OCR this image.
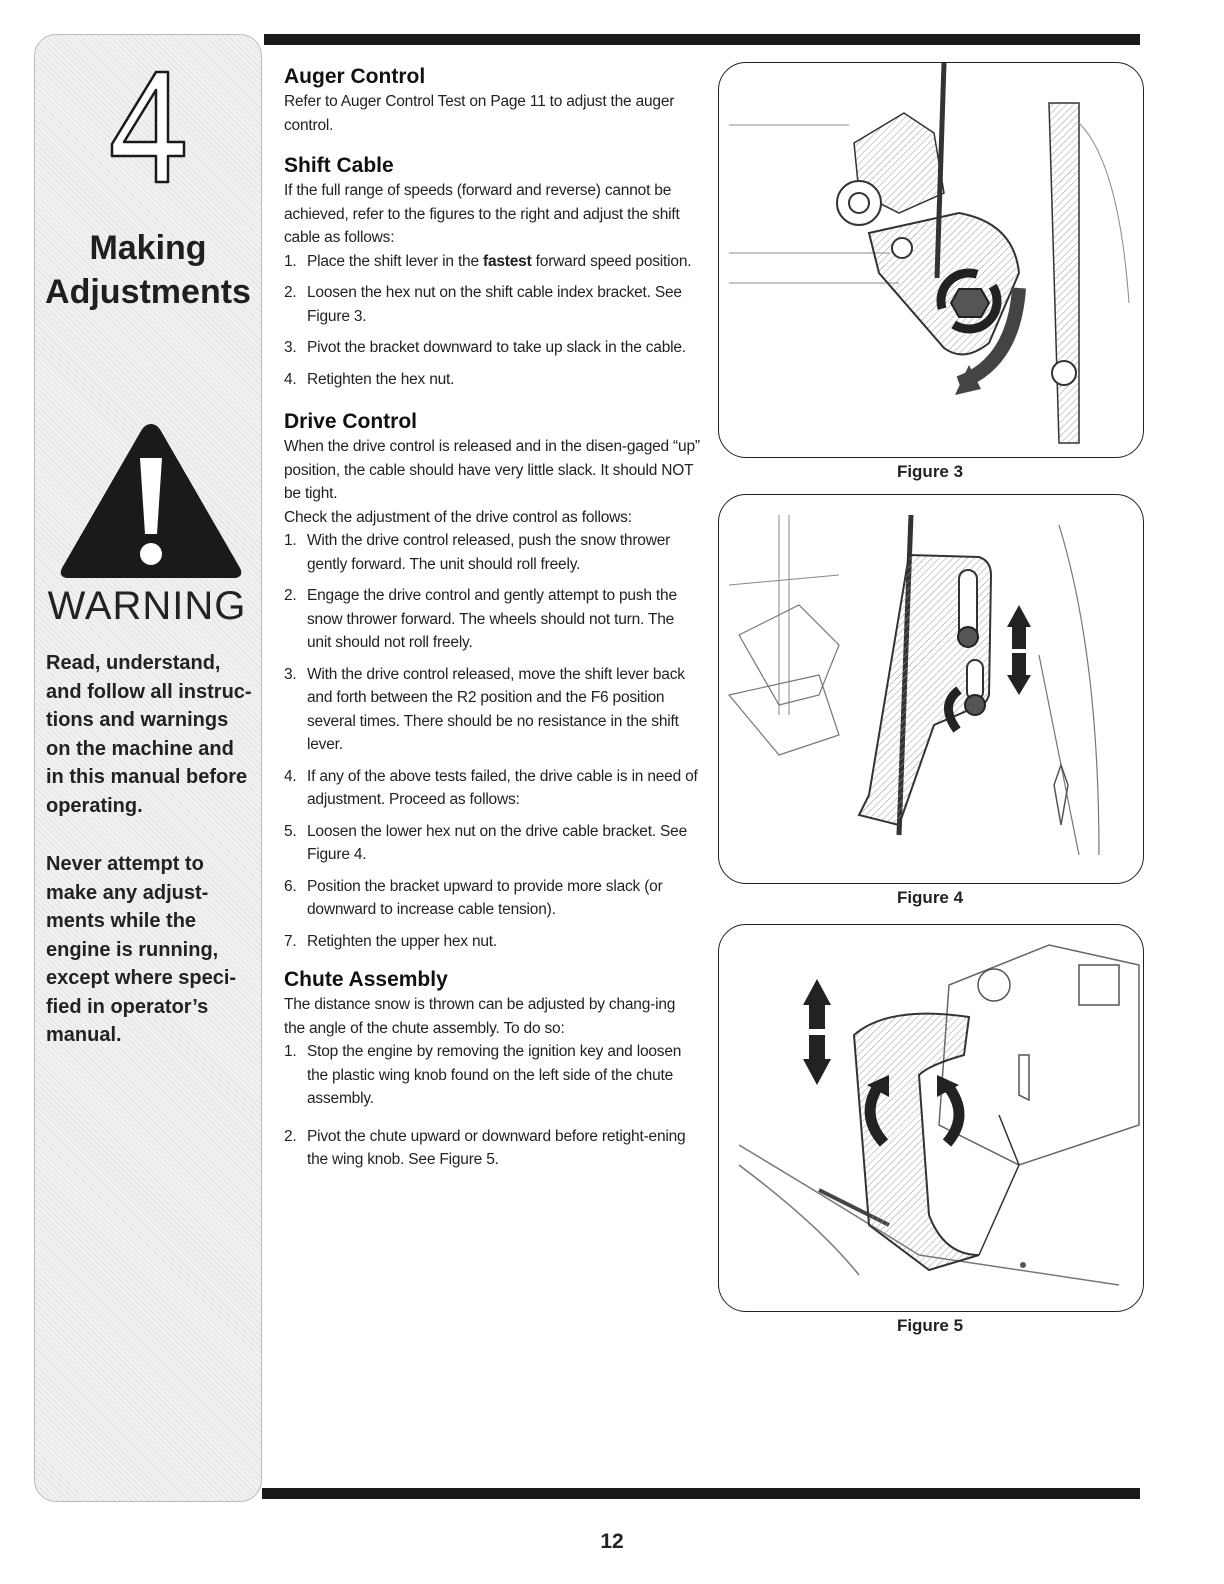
Making
Adjustments
WARNING
Read, understand,
and follow all instruc-
tions and warnings
on the machine and
in this manual before
operating.
Never attempt to
make any adjust-
ments while the
engine is running,
except where speci-
fied in operator’s
manual.
Auger Control

Refer to Auger Control Test on Page 11 to adjust the auger control.

Shift Cable

If the full range of speeds (forward and reverse) cannot be achieved, refer to the figures to the right and adjust the shift cable as follows:

1. Place the shift lever in the fastest forward speed position.
2. Loosen the hex nut on the shift cable index bracket. See Figure 3.
3. Pivot the bracket downward to take up slack in the cable.
4. Retighten the hex nut.
Drive Control

When the drive control is released and in the disen-gaged “up” position, the cable should have very little slack. It should NOT be tight.

Check the adjustment of the drive control as follows:

1. With the drive control released, push the snow thrower gently forward. The unit should roll freely.
2. Engage the drive control and gently attempt to push the snow thrower forward. The wheels should not turn. The unit should not roll freely.
3. With the drive control released, move the shift lever back and forth between the R2 position and the F6 position several times. There should be no resistance in the shift lever.
4. If any of the above tests failed, the drive cable is in need of adjustment. Proceed as follows:
5. Loosen the lower hex nut on the drive cable bracket. See Figure 4.
6. Position the bracket upward to provide more slack (or downward to increase cable tension).
7. Retighten the upper hex nut.
Chute Assembly

The distance snow is thrown can be adjusted by chang-ing the angle of the chute assembly. To do so:

1. Stop the engine by removing the ignition key and loosen the plastic wing knob found on the left side of the chute assembly.
2. Pivot the chute upward or downward before retight-ening the wing knob. See Figure 5.
Figure 3
Figure 4
Figure 5
12
